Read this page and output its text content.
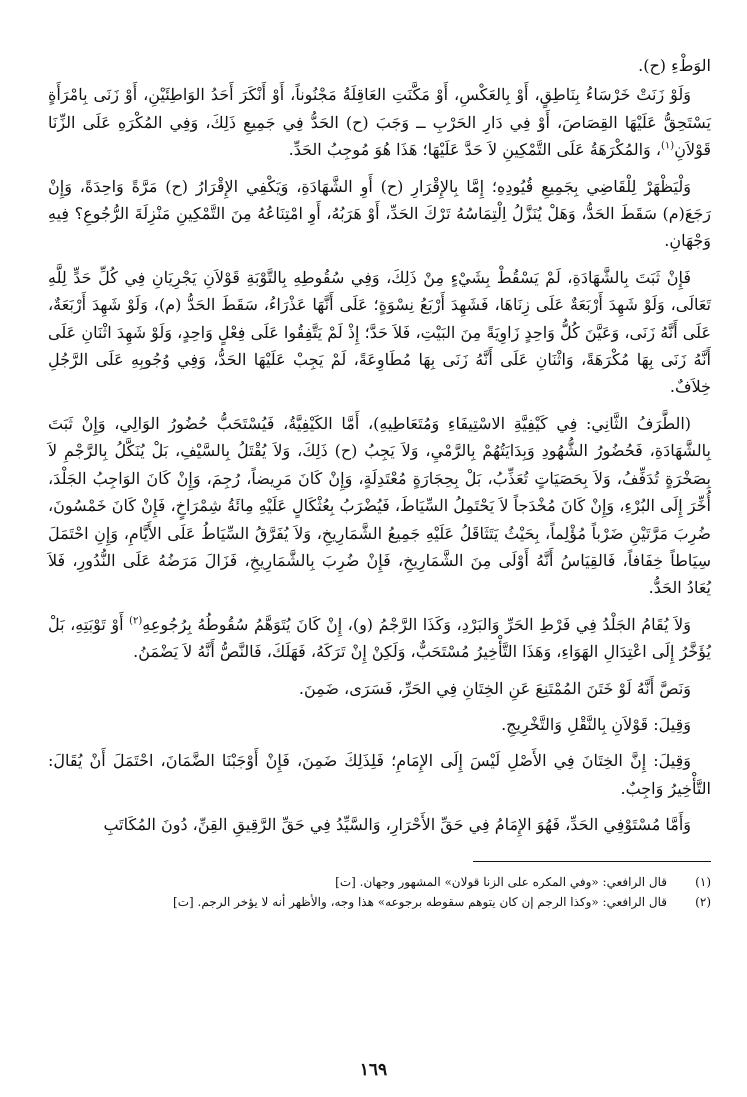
الوَطْءِ (ح).

وَلَوْ زَنَتْ خَرْسَاءُ بِنَاطِقٍ، أَوْ بِالعَكْسِ، أَوْ مَكَّنَتِ العَاقِلَةُ مَجْنُوناً، أَوْ أَنْكَرَ أَحَدُ الوَاطِئَيْنِ، أَوْ زَنَى بِامْرَأَةٍ يَسْتَحِقُّ عَلَيْهَا القِصَاصَ، أَوْ فِي دَارِ الحَرْبِ ــ وَجَبَ (ح) الحَدُّ فِي جَمِيعِ ذَلِكَ، وَفِي المُكْرَهِ عَلَى الزِّنَا قَوْلاَنِ$^{(١)}$، وَالمُكْرَهَةُ عَلَى التَّمْكِينِ لاَ حَدَّ عَلَيْهَا؛ هَذَا هُوَ مُوجِبُ الحَدِّ.

وَلْيَظْهَرْ لِلْقَاضِي بِجَمِيعِ قُيُودِهِ؛ إِمَّا بِالإِقْرَارِ (ح) أَوِ الشَّهَادَةِ، وَيَكْفِي الإِقْرَارُ (ح) مَرَّةً وَاحِدَةً، وَإِنْ رَجَعَ(م) سَقَطَ الحَدُّ، وَهَلْ يُنَزَّلُ اِلْتِمَاسُهُ تَرْكَ الحَدِّ، أَوْ هَرَبُهُ، أَوِ امْتِنَاعُهُ مِنَ التَّمْكِينِ مَنْزِلَةَ الرُّجُوعِ؟ فِيهِ وَجْهَانِ.

فَإِنْ ثَبَتَ بِالشَّهَادَةِ، لَمْ يَسْقُطْ بِشَيْءٍ مِنْ ذَلِكَ، وَفِي سُقُوطِهِ بِالتَّوْبَةِ قَوْلاَنِ يَجْرِيَانِ فِي كُلِّ حَدٍّ لِلَّهِ تَعَالَى، وَلَوْ شَهِدَ أَرْبَعَةٌ عَلَى زِنَاهَا، فَشَهِدَ أَرْبَعُ نِسْوَةٍ؛ عَلَى أَنَّهَا عَذْرَاءُ، سَقَطَ الحَدُّ (م)، وَلَوْ شَهِدَ أَرْبَعَةٌ، عَلَى أَنَّهُ زَنَى، وَعَيَّنَ كُلُّ وَاحِدٍ زَاوِيَةً مِنَ البَيْتِ، فَلاَ حَدَّ؛ إِذْ لَمْ يَتَّفِقُوا عَلَى فِعْلٍ وَاحِدٍ، وَلَوْ شَهِدَ اثْنَانِ عَلَى أَنَّهُ زَنَى بِهَا مُكْرَهَةً، وَاثْنَانِ عَلَى أَنَّهُ زَنَى بِهَا مُطَاوِعَةً، لَمْ يَجِبْ عَلَيْهَا الحَدُّ، وَفِي وُجُوبِهِ عَلَى الرَّجُلِ خِلاَفٌ.

(الطَّرَفُ الثَّانِي: فِي كَيْفِيَّةِ الاسْتِيفَاءِ وَمُتَعَاطِيهِ)، أَمَّا الكَيْفِيَّةُ، فَيُسْتَحَبُّ حُضُورُ الوَالِي، وَإِنْ ثَبَتَ بِالشَّهَادَةِ، فَحُضُورُ الشُّهُودِ وَبِدَايَتُهُمْ بِالرَّمْيِ، وَلاَ يَجِبُ (ح) ذَلِكَ، وَلاَ يُقْتَلُ بِالسَّيْفِ، بَلْ يُنَكَّلُ بِالرَّجْمِ لاَ بِصَخْرَةٍ تُدَفِّفُ، وَلاَ بِحَصَيَاتٍ تُعَذِّبُ، بَلْ بِحِجَارَةٍ مُعْتَدِلَةٍ، وَإِنْ كَانَ مَرِيضاً، رُجِمَ، وَإِنْ كَانَ الوَاجِبُ الجَلْدَ، أُخِّرَ إِلَى البُرْءِ، وَإِنْ كَانَ مُخْدَجاً لاَ يَحْتَمِلُ السِّيَاطَ، فَيُضْرَبُ بِعُثْكَالٍ عَلَيْهِ مِائَةُ شِمْرَاخٍ، فَإِنْ كَانَ خَمْسُونَ، ضُرِبَ مَرَّتَيْنِ ضَرْباً مُؤْلِماً، بِحَيْثُ يَتَثَاقَلُ عَلَيْهِ جَمِيعُ الشَّمَارِيخِ، وَلاَ يُفَرَّقُ السِّيَاطُ عَلَى الأَيَّامِ، وَإِنِ احْتَمَلَ سِيَاطاً خِفَافاً، فَالقِيَاسُ أَنَّهُ أَوْلَى مِنَ الشَّمَارِيخِ، فَإِنْ ضُرِبَ بِالشَّمَارِيخِ، فَزَالَ مَرَضُهُ عَلَى النُّدُورِ، فَلاَ يُعَادُ الحَدُّ.

وَلاَ يُقَامُ الجَلْدُ فِي فَرْطِ الحَرِّ وَالبَرْدِ، وَكَذَا الرَّجْمُ (و)، إِنْ كَانَ يُتَوَهَّمُ سُقُوطُهُ بِرُجُوعِهِ$^{(٢)}$ أَوْ تَوْبَتِهِ، بَلْ يُؤَخَّرُ إِلَى اعْتِدَالِ الهَوَاءِ، وَهَذَا التَّأْخِيرُ مُسْتَحَبٌّ، وَلَكِنْ إِنْ تَرَكَهُ، فَهَلَكَ، فَالنَّصُّ أَنَّهُ لاَ يَضْمَنُ.

وَنَصَّ أَنَّهُ لَوْ خَتَنَ المُمْتَنِعَ عَنِ الخِتَانِ فِي الحَرِّ، فَسَرَى، ضَمِنَ.

وَقِيلَ: قَوْلاَنِ بِالنَّقْلِ وَالتَّخْرِيجِ.

وَقِيلَ: إِنَّ الخِتَانَ فِي الأَصْلِ لَيْسَ إِلَى الإِمَامِ؛ فَلِذَلِكَ ضَمِنَ، فَإِنْ أَوْجَبْنَا الضَّمَانَ، احْتَمَلَ أَنْ يُقَالَ: التَّأْخِيرُ وَاجِبٌ.

وَأَمَّا مُسْتَوْفِي الحَدِّ، فَهُوَ الإِمَامُ فِي حَقِّ الأَحْرَارِ، وَالسَّيِّدُ فِي حَقِّ الرَّقِيقِ القِنِّ، دُونَ المُكَاتَبِ

(١)
قال الرافعي: «وفي المكره على الزنا قولان» المشهور وجهان. [ت]
(٢)
قال الرافعي: «وكذا الرجم إن كان يتوهم سقوطه برجوعه» هذا وجه، والأظهر أنه لا يؤخر الرجم. [ت]
١٦٩
